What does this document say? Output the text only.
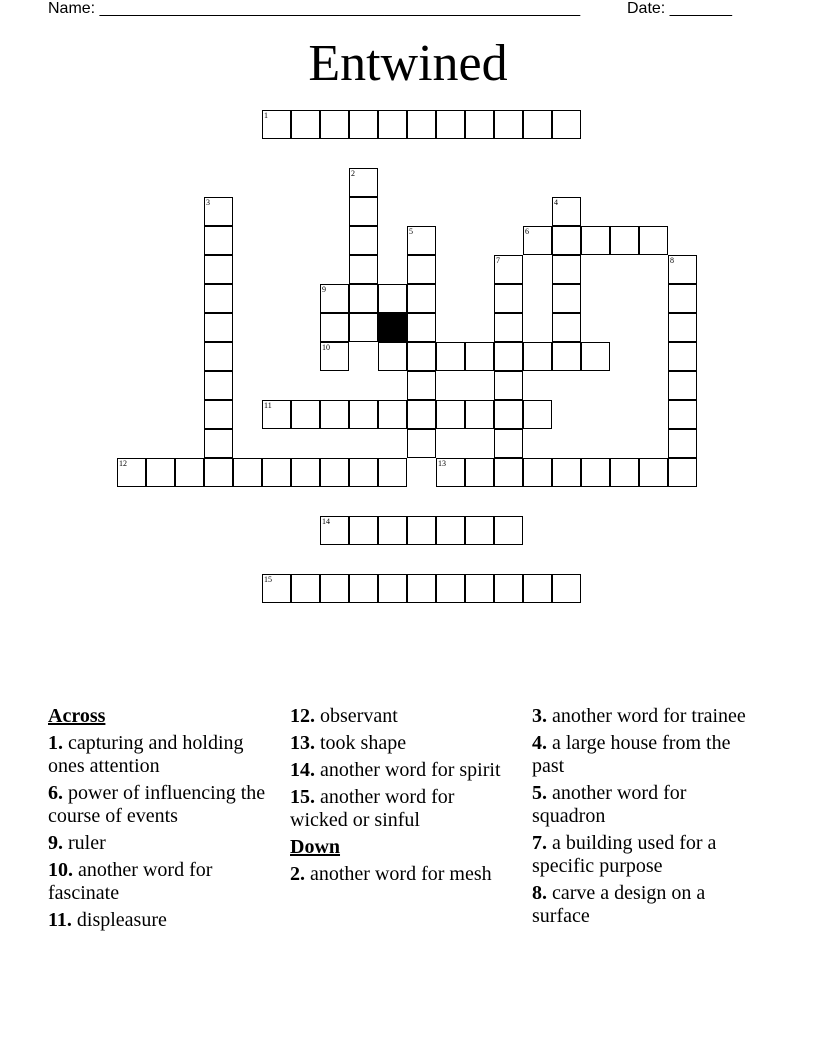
Name: ______________________________________________________	Date: _______
Entwined
1
2
3	4
5	6
7	8
9
10
11
12	13
14
15
Across
1. capturing and holding ones attention
6. power of influencing the course of events
9. ruler
10. another word for fascinate
11. displeasure
12. observant
13. took shape
14. another word for spirit
15. another word for wicked or sinful
Down
2. another word for mesh
3. another word for trainee
4. a large house from the past
5. another word for squadron
7. a building used for a specific purpose
8. carve a design on a surface
